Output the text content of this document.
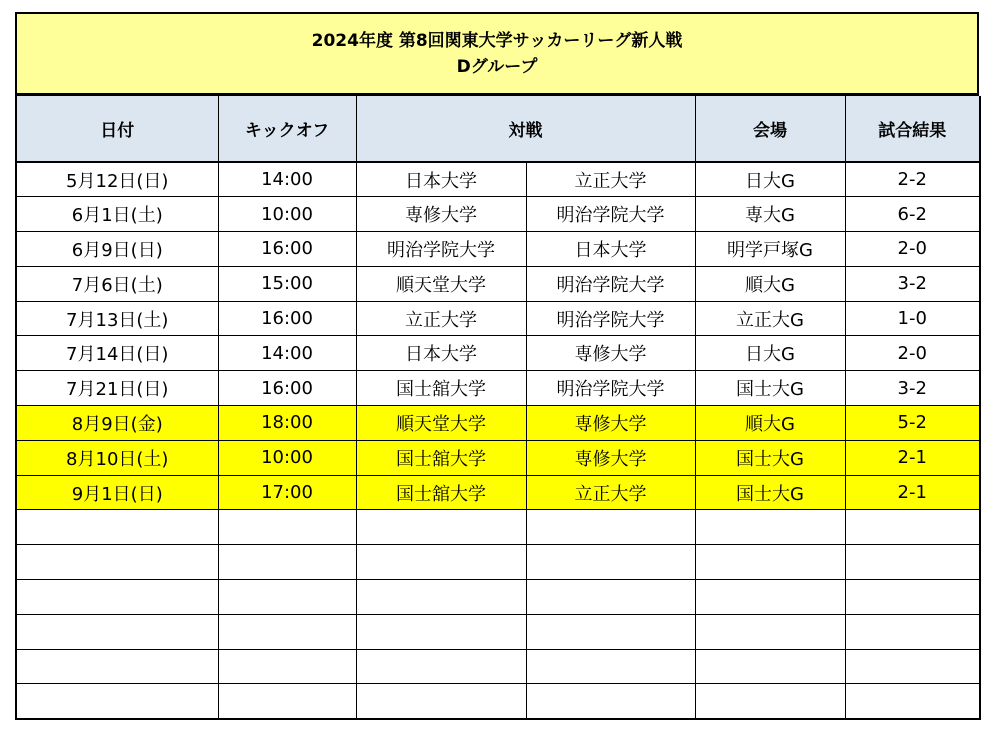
2024年度 第8回関東大学サッカーリーグ新人戦
Dグループ
日付	キックオフ	対戦		会場	試合結果
5月12日(日)	14:00	日本大学	立正大学	日大G	2-2
6月1日(土)	10:00	専修大学	明治学院大学	専大G	6-2
6月9日(日)	16:00	明治学院大学	日本大学	明学戸塚G	2-0
7月6日(土)	15:00	順天堂大学	明治学院大学	順大G	3-2
7月13日(土)	16:00	立正大学	明治学院大学	立正大G	1-0
7月14日(日)	14:00	日本大学	専修大学	日大G	2-0
7月21日(日)	16:00	国士舘大学	明治学院大学	国士大G	3-2
8月9日(金)	18:00	順天堂大学	専修大学	順大G	5-2
8月10日(土)	10:00	国士舘大学	専修大学	国士大G	2-1
9月1日(日)	17:00	国士舘大学	立正大学	国士大G	2-1
